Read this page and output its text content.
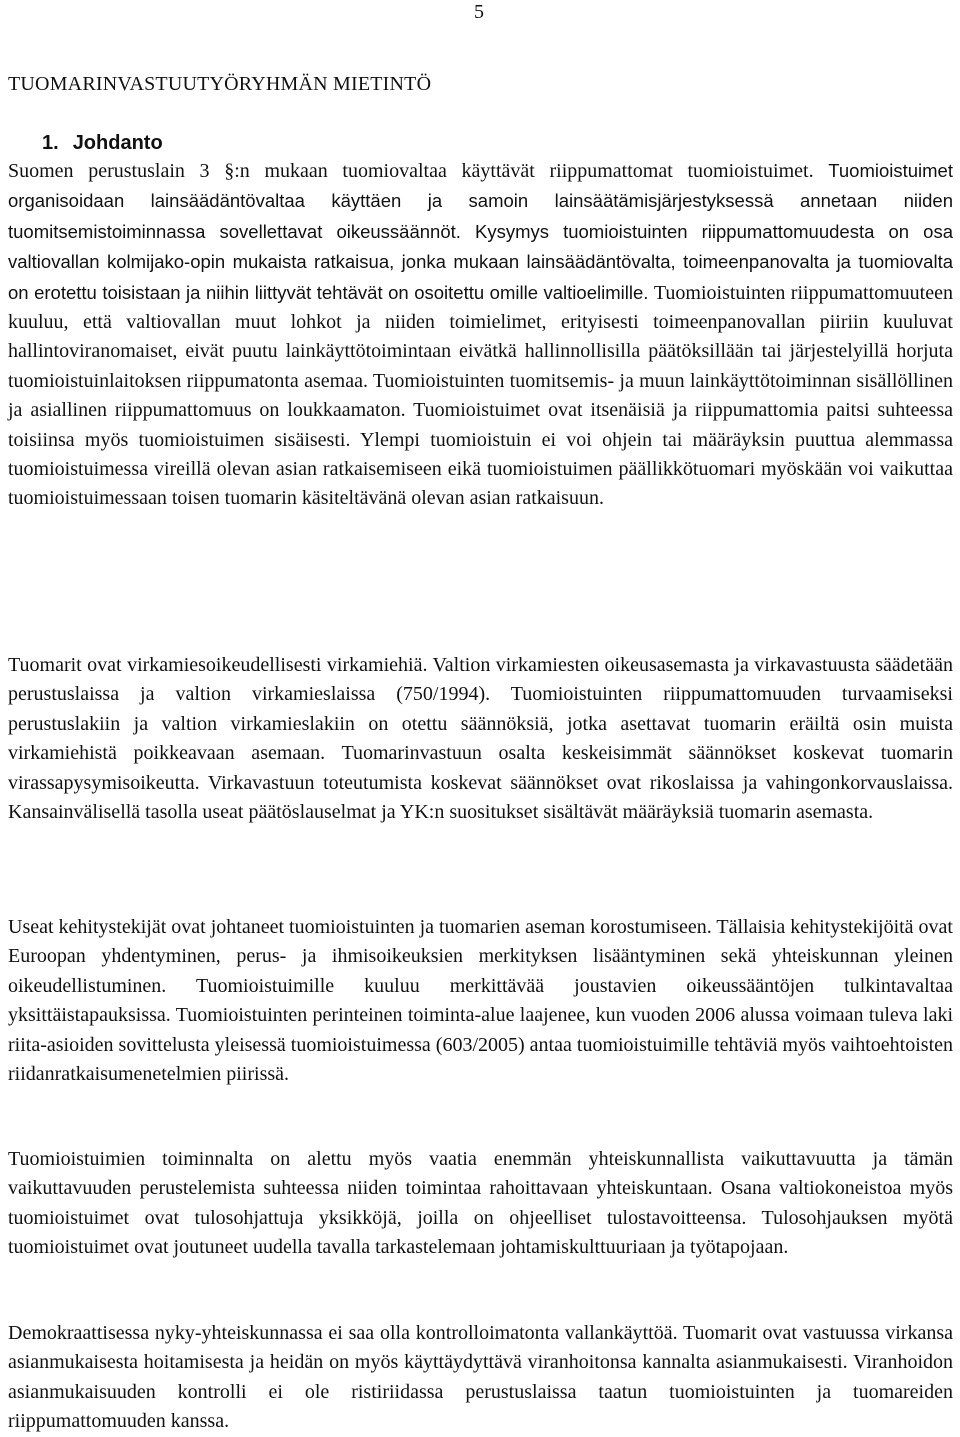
5
TUOMARINVASTUUTYÖRYHMÄN MIETINTÖ
1. Johdanto
Suomen perustuslain 3 §:n mukaan tuomiovaltaa käyttävät riippumattomat tuomioistuimet. Tuomioistuimet organisoidaan lainsäädäntövaltaa käyttäen ja samoin lainsäätämisjärjestyksessä annetaan niiden tuomitsemistoiminnassa sovellettavat oikeussäännöt. Kysymys tuomioistuinten riippumattomuudesta on osa valtiovallan kolmijako-opin mukaista ratkaisua, jonka mukaan lainsäädäntövalta, toimeenpanovalta ja tuomiovalta on erotettu toisistaan ja niihin liittyvät tehtävät on osoitettu omille valtioelimille. Tuomioistuinten riippumattomuuteen kuuluu, että valtiovallan muut lohkot ja niiden toimielimet, erityisesti toimeenpanovallan piiriin kuuluvat hallintoviranomaiset, eivät puutu lainkäyttötoimintaan eivätkä hallinnollisilla päätöksillään tai järjestelyillä horjuta tuomioistuinlaitoksen riippumatonta asemaa. Tuomioistuinten tuomitsemis- ja muun lainkäyttötoiminnan sisällöllinen ja asiallinen riippumattomuus on loukkaamaton. Tuomioistuimet ovat itsenäisiä ja riippumattomia paitsi suhteessa toisiinsa myös tuomioistuimen sisäisesti. Ylempi tuomioistuin ei voi ohjein tai määräyksin puuttua alemmassa tuomioistuimessa vireillä olevan asian ratkaisemiseen eikä tuomioistuimen päällikkötuomari myöskään voi vaikuttaa tuomioistuimessaan toisen tuomarin käsiteltävänä olevan asian ratkaisuun.
Tuomarit ovat virkamiesoikeudellisesti virkamiehiä. Valtion virkamiesten oikeusasemasta ja virkavastuusta säädetään perustuslaissa ja valtion virkamieslaissa (750/1994). Tuomioistuinten riippumattomuuden turvaamiseksi perustuslakiin ja valtion virkamieslakiin on otettu säännöksiä, jotka asettavat tuomarin eräiltä osin muista virkamiehistä poikkeavaan asemaan. Tuomarinvastuun osalta keskeisimmät säännökset koskevat tuomarin virassapysymisoikeutta. Virkavastuun toteutumista koskevat säännökset ovat rikoslaissa ja vahingonkorvauslaissa. Kansainvälisellä tasolla useat päätöslauselmat ja YK:n suositukset sisältävät määräyksiä tuomarin asemasta.
Useat kehitystekijät ovat johtaneet tuomioistuinten ja tuomarien aseman korostumiseen. Tällaisia kehitystekijöitä ovat Euroopan yhdentyminen, perus- ja ihmisoikeuksien merkityksen lisääntyminen sekä yhteiskunnan yleinen oikeudellistuminen. Tuomioistuimille kuuluu merkittävää joustavien oikeussääntöjen tulkintavaltaa yksittäistapauksissa. Tuomioistuinten perinteinen toiminta-alue laajenee, kun vuoden 2006 alussa voimaan tuleva laki riita-asioiden sovittelusta yleisessä tuomioistuimessa (603/2005) antaa tuomioistuimille tehtäviä myös vaihtoehtoisten riidanratkaisumenetelmien piirissä.
Tuomioistuimien toiminnalta on alettu myös vaatia enemmän yhteiskunnallista vaikuttavuutta ja tämän vaikuttavuuden perustelemista suhteessa niiden toimintaa rahoittavaan yhteiskuntaan. Osana valtiokoneistoa myös tuomioistuimet ovat tulosohjattuja yksikköjä, joilla on ohjeelliset tulostavoitteensa. Tulosohjauksen myötä tuomioistuimet ovat joutuneet uudella tavalla tarkastelemaan johtamiskulttuuriaan ja työtapojaan.
Demokraattisessa nyky-yhteiskunnassa ei saa olla kontrolloimatonta vallankäyttöä. Tuomarit ovat vastuussa virkansa asianmukaisesta hoitamisesta ja heidän on myös käyttäydyttävä viranhoitonsa kannalta asianmukaisesti. Viranhoidon asianmukaisuuden kontrolli ei ole ristiriidassa perustuslaissa taatun tuomioistuinten ja tuomareiden riippumattomuuden kanssa.
